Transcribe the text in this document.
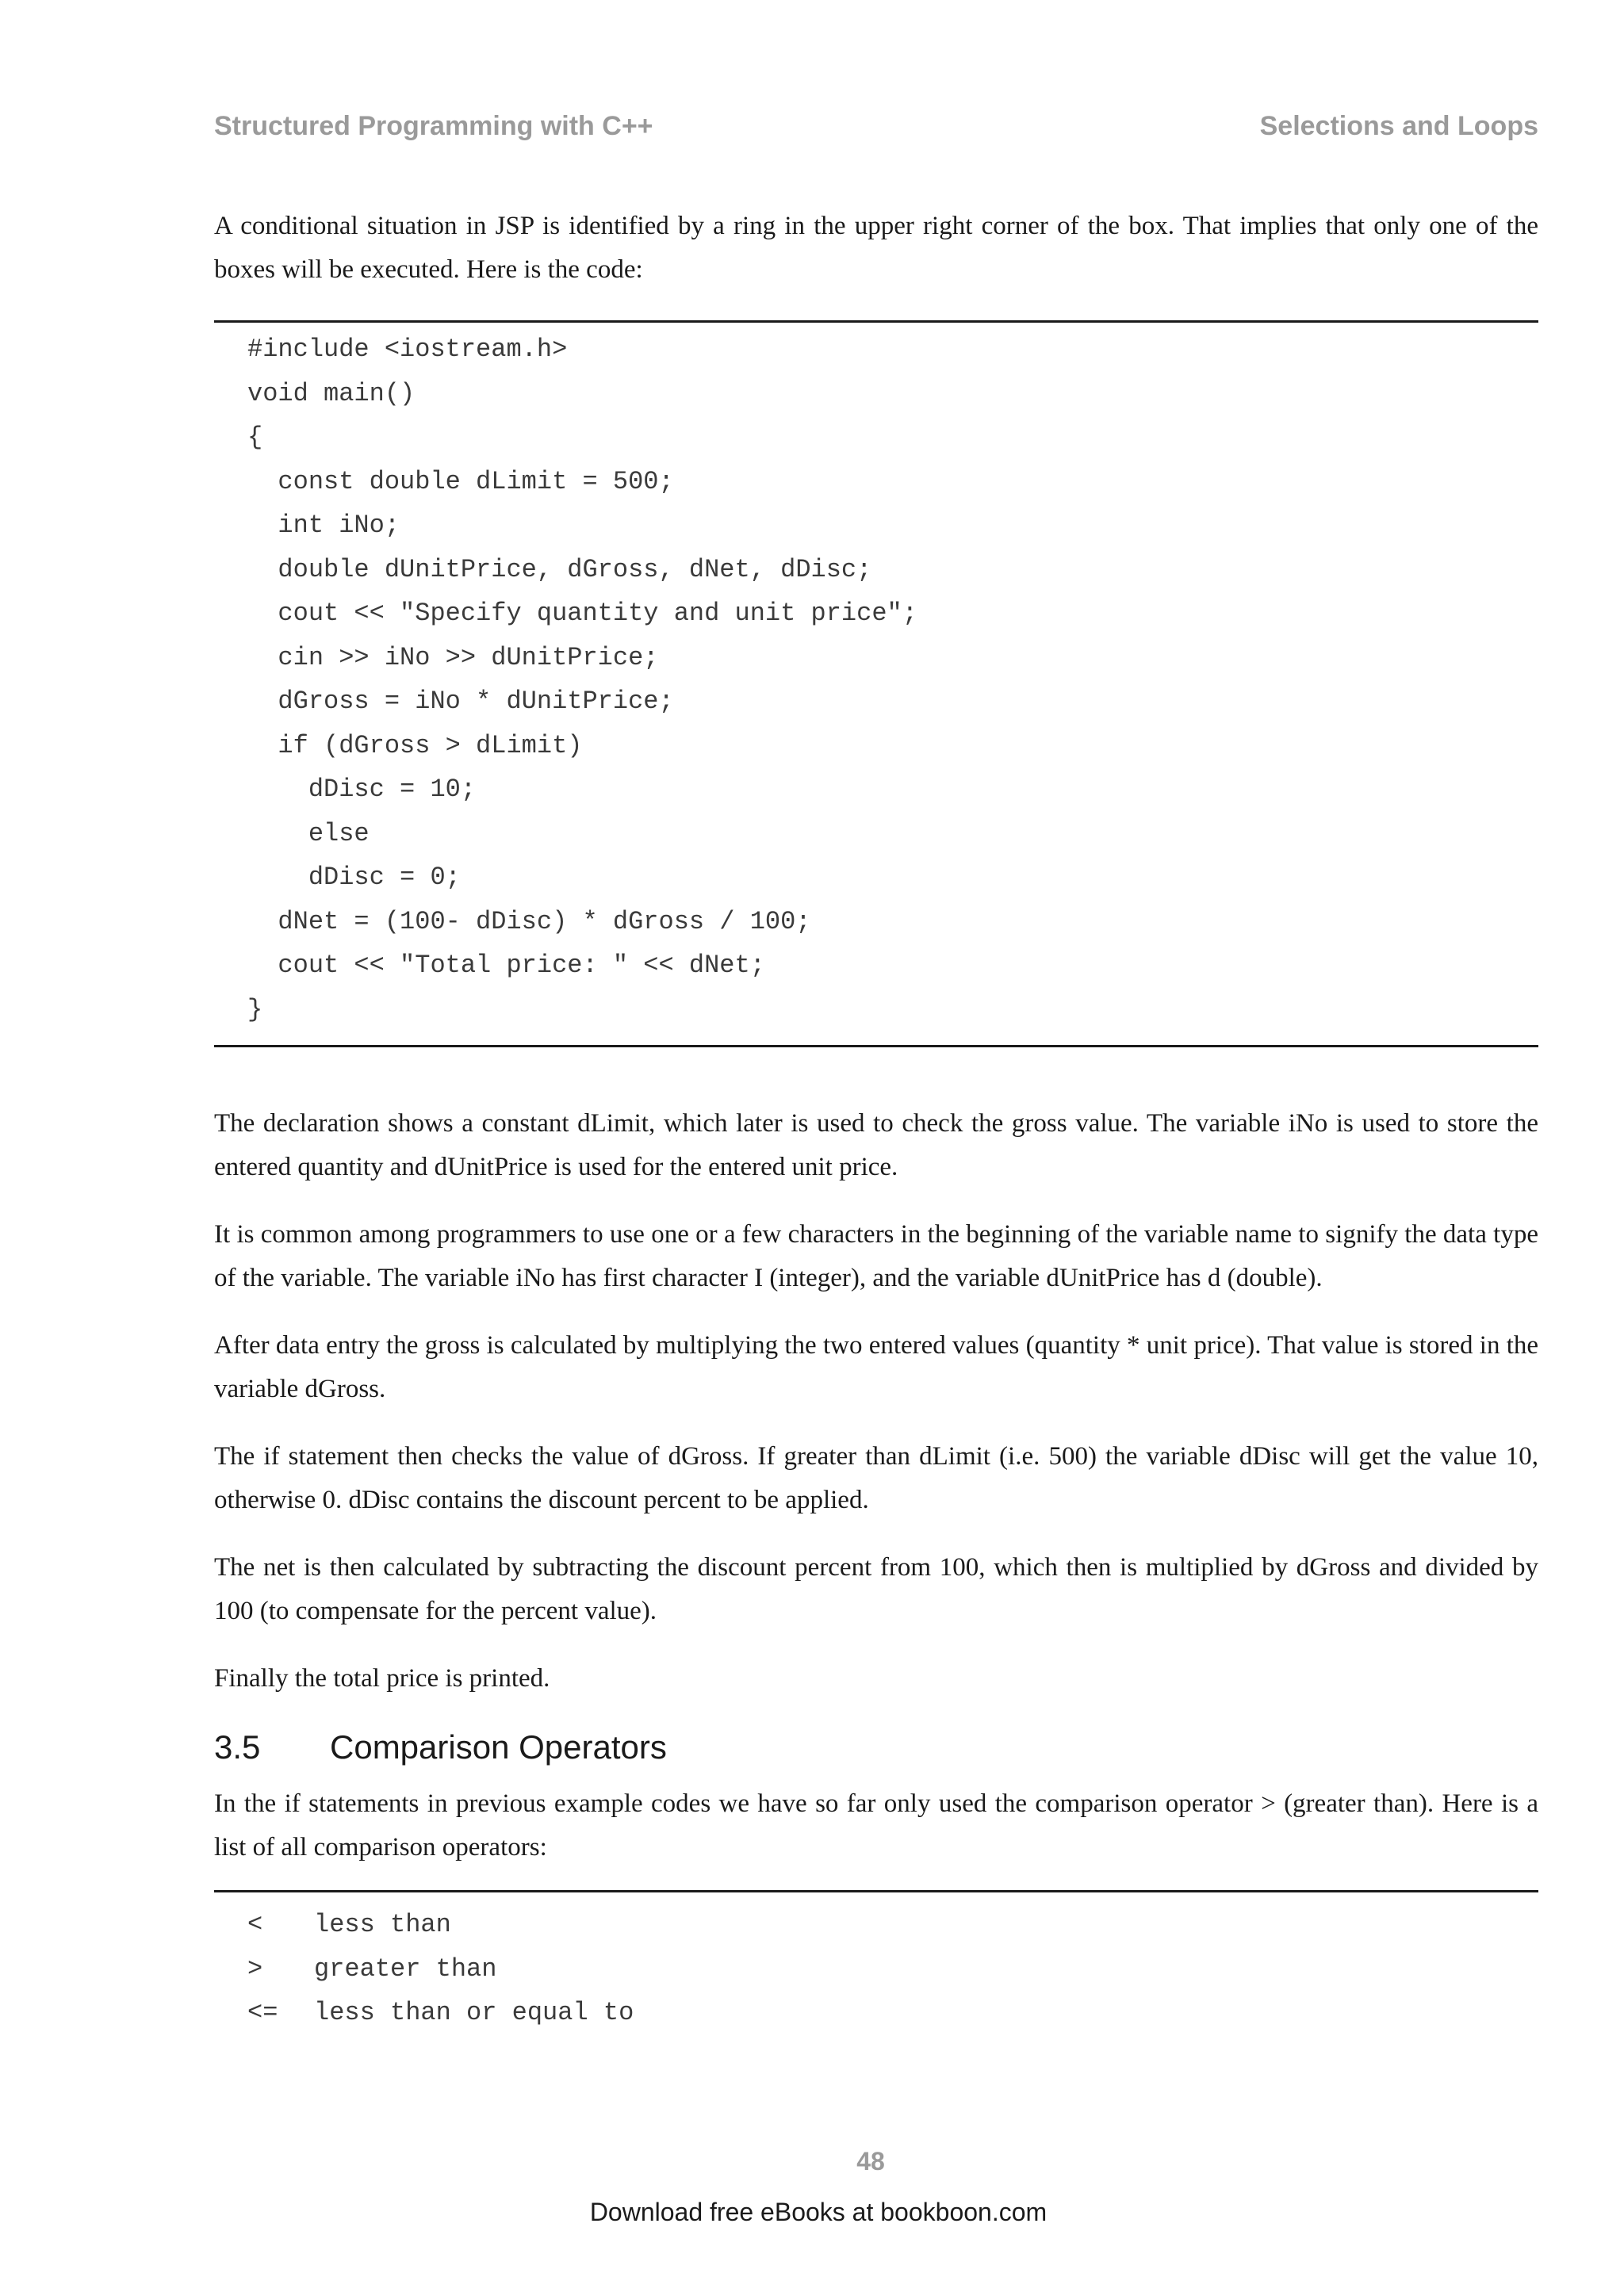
Structured Programming with C++	Selections and Loops

A conditional situation in JSP is identified by a ring in the upper right corner of the box. That implies that only one of the boxes will be executed. Here is the code:

#include <iostream.h>
void main()
{
const double dLimit = 500;
int iNo;
double dUnitPrice, dGross, dNet, dDisc;
cout << "Specify quantity and unit price";
cin >> iNo >> dUnitPrice;
dGross = iNo * dUnitPrice;
if (dGross > dLimit)
dDisc = 10;
else
dDisc = 0;
dNet = (100- dDisc) * dGross / 100;
cout << "Total price: " << dNet;
}

The declaration shows a constant dLimit, which later is used to check the gross value. The variable iNo is used to store the entered quantity and dUnitPrice is used for the entered unit price.

It is common among programmers to use one or a few characters in the beginning of the variable name to signify the data type of the variable. The variable iNo has first character I (integer), and the variable dUnitPrice has d (double).

After data entry the gross is calculated by multiplying the two entered values (quantity * unit price). That value is stored in the variable dGross.

The if statement then checks the value of dGross. If greater than dLimit (i.e. 500) the variable dDisc will get the value 10, otherwise 0. dDisc contains the discount percent to be applied.

The net is then calculated by subtracting the discount percent from 100, which then is multiplied by dGross and divided by 100 (to compensate for the percent value).

Finally the total price is printed.

3.5 Comparison Operators

In the if statements in previous example codes we have so far only used the comparison operator > (greater than). Here is a list of all comparison operators:

< less than
> greater than
<= less than or equal to
48
Download free eBooks at bookboon.com
